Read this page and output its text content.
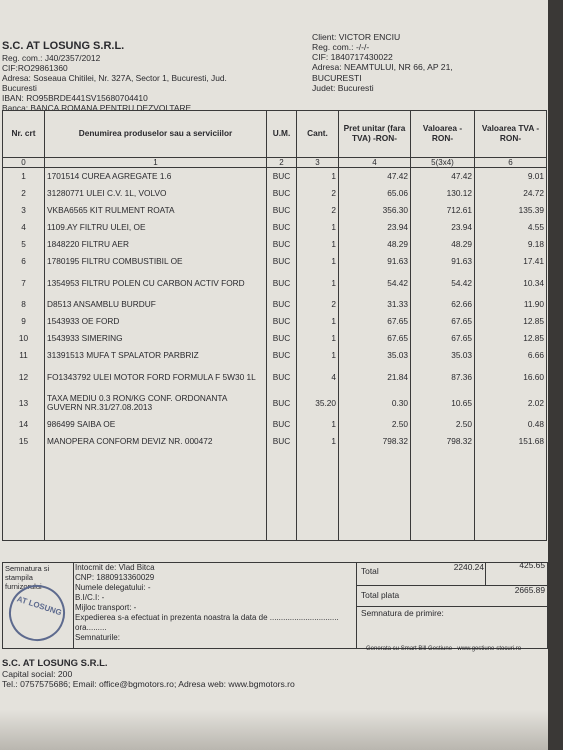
S.C. AT LOSUNG S.R.L.
Reg. com.: J40/2357/2012
CIF:RO29861360
Adresa: Soseaua Chitilei, Nr. 327A, Sector 1, Bucuresti, Jud.
Bucuresti
IBAN: RO95BRDE441SV15680704410
Banca: BANCA ROMANA PENTRU DEZVOLTARE
Client: VICTOR ENCIU
Reg. com.: -/-/-
CIF: 1840717430022
Adresa: NEAMTULUI, NR 66, AP 21,
BUCURESTI
Judet: Bucuresti
Nr. crt	Denumirea produselor sau a serviciilor	U.M.	Cant.	Pret unitar (fara TVA) -RON-	Valoarea -RON-	Valoarea TVA -RON-
0	1	2	3	4	5(3x4)	6
1	1701514 CUREA AGREGATE 1.6	BUC	1	47.42	47.42	9.01
2	31280771 ULEI C.V. 1L, VOLVO	BUC	2	65.06	130.12	24.72
3	VKBA6565 KIT RULMENT ROATA	BUC	2	356.30	712.61	135.39
4	1109.AY FILTRU ULEI, OE	BUC	1	23.94	23.94	4.55
5	1848220 FILTRU AER	BUC	1	48.29	48.29	9.18
6	1780195 FILTRU COMBUSTIBIL OE	BUC	1	91.63	91.63	17.41
7	1354953 FILTRU POLEN CU CARBON ACTIV FORD	BUC	1	54.42	54.42	10.34
8	D8513 ANSAMBLU BURDUF	BUC	2	31.33	62.66	11.90
9	1543933 OE FORD	BUC	1	67.65	67.65	12.85
10	1543933 SIMERING	BUC	1	67.65	67.65	12.85
11	31391513 MUFA T SPALATOR PARBRIZ	BUC	1	35.03	35.03	6.66
12	FO1343792 ULEI MOTOR FORD FORMULA F 5W30 1L	BUC	4	21.84	87.36	16.60
13	TAXA MEDIU 0.3 RON/KG CONF. ORDONANTA GUVERN NR.31/27.08.2013	BUC	35.20	0.30	10.65	2.02
14	986499 SAIBA OE	BUC	1	2.50	2.50	0.48
15	MANOPERA CONFORM DEVIZ NR. 000472	BUC	1	798.32	798.32	151.68

Semnatura si stampila furnizorului
AT LOSUNG
Intocmit de: Vlad Bitca
CNP: 1880913360029
Numele delegatului: -
B.I/C.I: -
Mijloc transport: -
Expedierea s-a efectuat in prezenta noastra la data de ...............................
ora.........
Semnaturile:
Total	2240.24	425.65
Total plata	2665.89
Semnatura de primire:
Generata cu Smart Bill Gestiune - www.gestiune-stocuri.ro
S.C. AT LOSUNG S.R.L.
Capital social: 200
Tel.: 0757575686; Email: office@bgmotors.ro; Adresa web: www.bgmotors.ro
